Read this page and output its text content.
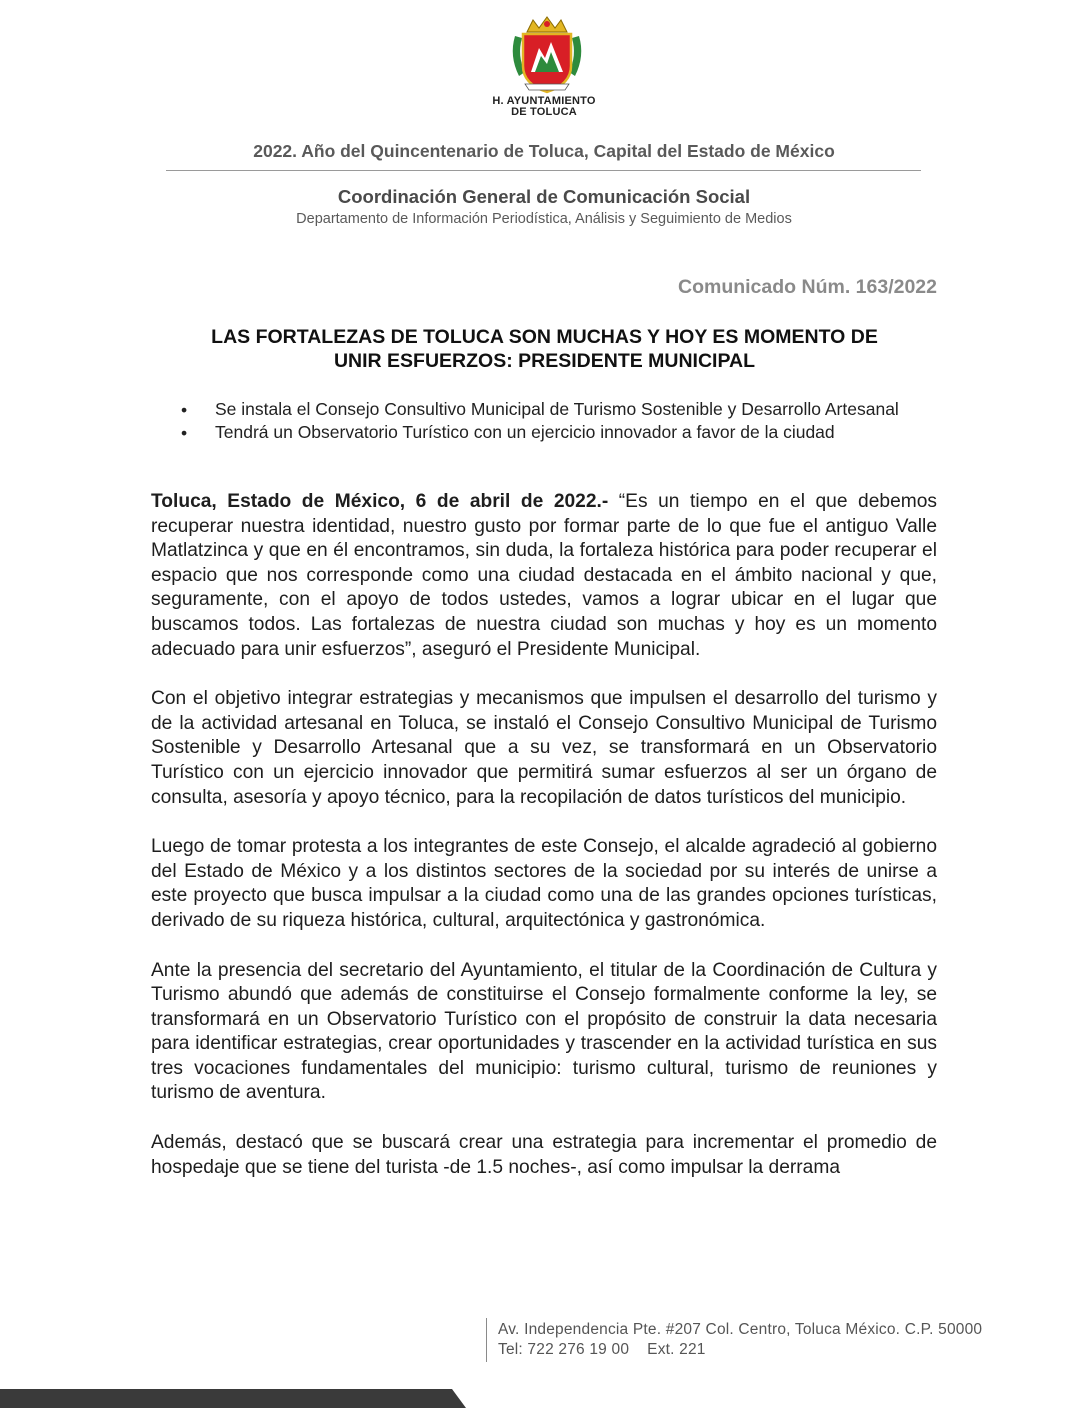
H. AYUNTAMIENTO
DE TOLUCA
2022. Año del Quincentenario de Toluca, Capital del Estado de México
Coordinación General de Comunicación Social
Departamento de Información Periodística, Análisis y Seguimiento de Medios
Comunicado Núm. 163/2022
LAS FORTALEZAS DE TOLUCA SON MUCHAS Y HOY ES MOMENTO DE
UNIR ESFUERZOS: PRESIDENTE MUNICIPAL
• Se instala el Consejo Consultivo Municipal de Turismo Sostenible y Desarrollo Artesanal
• Tendrá un Observatorio Turístico con un ejercicio innovador a favor de la ciudad

Toluca, Estado de México, 6 de abril de 2022.- “Es un tiempo en el que debemos recuperar nuestra identidad, nuestro gusto por formar parte de lo que fue el antiguo Valle Matlatzinca y que en él encontramos, sin duda, la fortaleza histórica para poder recuperar el espacio que nos corresponde como una ciudad destacada en el ámbito nacional y que, seguramente, con el apoyo de todos ustedes, vamos a lograr ubicar en el lugar que buscamos todos. Las fortalezas de nuestra ciudad son muchas y hoy es un momento adecuado para unir esfuerzos”, aseguró el Presidente Municipal.

Con el objetivo integrar estrategias y mecanismos que impulsen el desarrollo del turismo y de la actividad artesanal en Toluca, se instaló el Consejo Consultivo Municipal de Turismo Sostenible y Desarrollo Artesanal que a su vez, se transformará en un Observatorio Turístico con un ejercicio innovador que permitirá sumar esfuerzos al ser un órgano de consulta, asesoría y apoyo técnico, para la recopilación de datos turísticos del municipio.

Luego de tomar protesta a los integrantes de este Consejo, el alcalde agradeció al gobierno del Estado de México y a los distintos sectores de la sociedad por su interés de unirse a este proyecto que busca impulsar a la ciudad como una de las grandes opciones turísticas, derivado de su riqueza histórica, cultural, arquitectónica y gastronómica.

Ante la presencia del secretario del Ayuntamiento, el titular de la Coordinación de Cultura y Turismo abundó que además de constituirse el Consejo formalmente conforme la ley, se transformará en un Observatorio Turístico con el propósito de construir la data necesaria para identificar estrategias, crear oportunidades y trascender en la actividad turística en sus tres vocaciones fundamentales del municipio: turismo cultural, turismo de reuniones y turismo de aventura.

Además, destacó que se buscará crear una estrategia para incrementar el promedio de hospedaje que se tiene del turista -de 1.5 noches-, así como impulsar la derrama

Av. Independencia Pte. #207 Col. Centro, Toluca México. C.P. 50000
Tel: 722 276 19 00 Ext. 221
